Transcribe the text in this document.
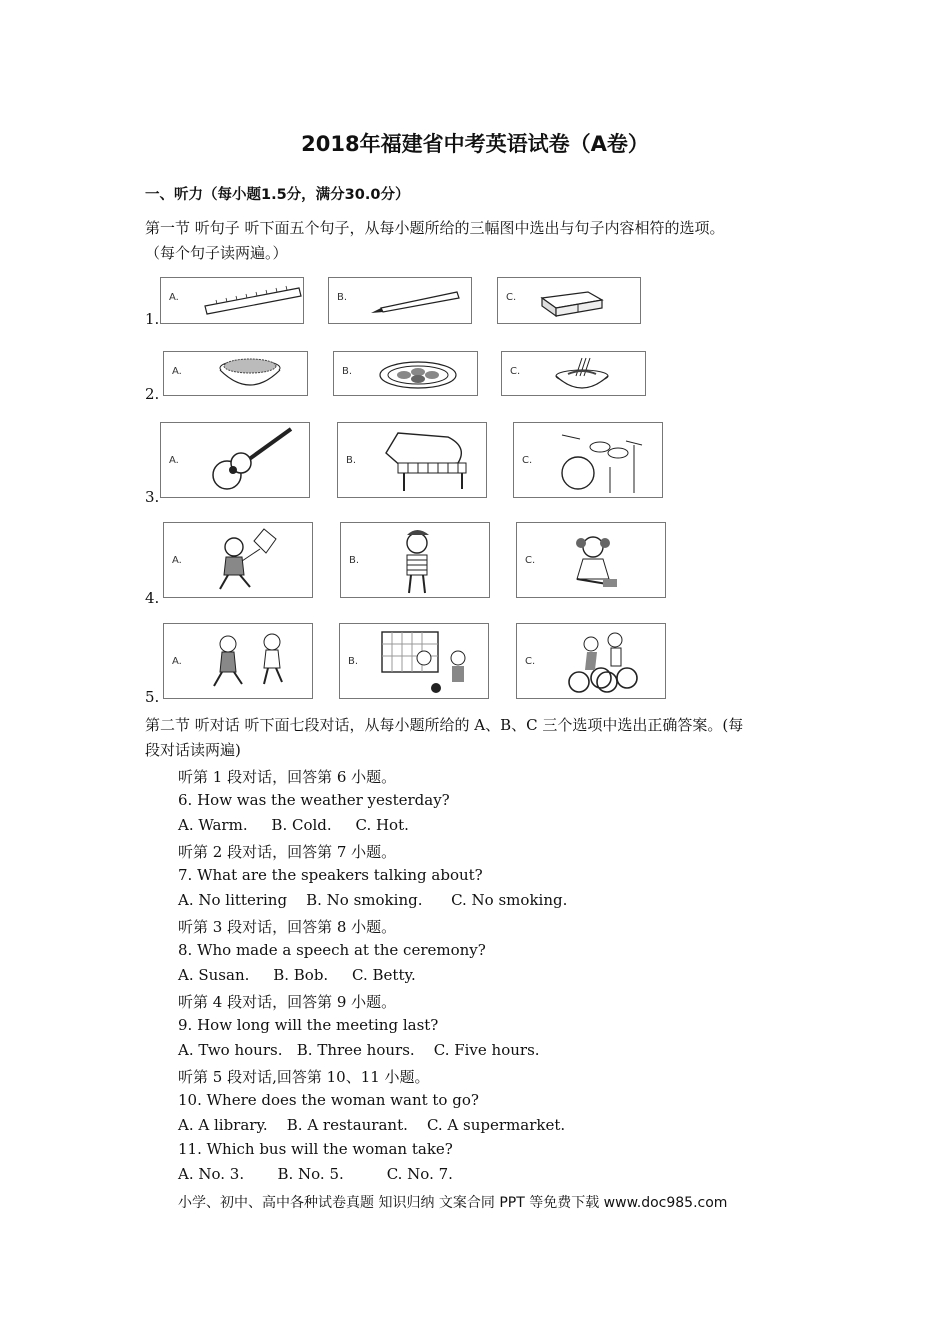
2018年福建省中考英语试卷（A卷）
一、听力（每小题1.5分，满分30.0分）
第一节 听句子 听下面五个句子，从每小题所给的三幅图中选出与句子内容相符的选项。
（每个句子读两遍。）
1.
A.	B.	C.
2.
A.	B.	C.
3.
A.	B.	C.
4.
A.	B.	C.
5.
A.	B.	C.
第二节 听对话 听下面七段对话，从每小题所给的 A、B、C 三个选项中选出正确答案。(每
段对话读两遍)
听第 1 段对话，回答第 6 小题。
6. How was the weather yesterday?
A. Warm.     B. Cold.     C. Hot.
听第 2 段对话，回答第 7 小题。
7. What are the speakers talking about?
A. No littering    B. No smoking.      C. No smoking.
听第 3 段对话，回答第 8 小题。
8. Who made a speech at the ceremony?
A. Susan.     B. Bob.     C. Betty.
听第 4 段对话，回答第 9 小题。
9. How long will the meeting last?
A. Two hours.   B. Three hours.    C. Five hours.
听第 5 段对话,回答第 10、11 小题。
10. Where does the woman want to go?
A. A library.    B. A restaurant.    C. A supermarket.
11. Which bus will the woman take?
A. No. 3.       B. No. 5.         C. No. 7.
小学、初中、高中各种试卷真题 知识归纳 文案合同 PPT 等免费下载 www.doc985.com
